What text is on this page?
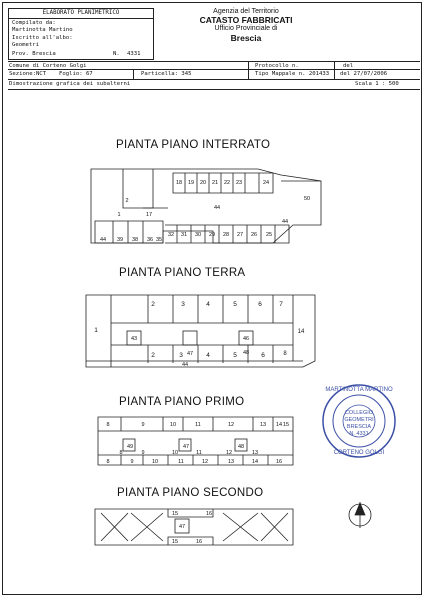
ELABORATO PLANIMETRICO
Compilato da:
Martinotta Martino
Iscritto all'albo:
Geometri
Prov. Brescia	N. 4331
Agenzia del Territorio
CATASTO FABBRICATI
Ufficio Provinciale di
Brescia
Comune di Corteno Golgi	Protocollo n.	del
Sezione:NCT Foglio: 67	Particella: 345	Tipo Mappale n. 201433 del 27/07/2006
Dimostrazione grafica dei subalterni	Scala 1 : 500
PIANTA PIANO INTERRATO
PIANTA PIANO TERRA
PIANTA PIANO PRIMO
PIANTA PIANO SECONDO
18 19 20 21 22 23	24
50
2
17
1
44
32 31 30 29 28 27 26 25
44
44 39 38 36 35
2	3	4	5	6	7
1	14
43	46
47	48
2	3	4	5	6	8
44
8	9	10	11	12	13 14 15
8
49
9	10
47
11	12
48
13
8	9	10	11	12	13	14	16
15	16
15
47
16
MARTINOTTA MARTINO
COLLEGIO
GEOMETRI
BRESCIA
N. 4331
CORTENO GOLGI
